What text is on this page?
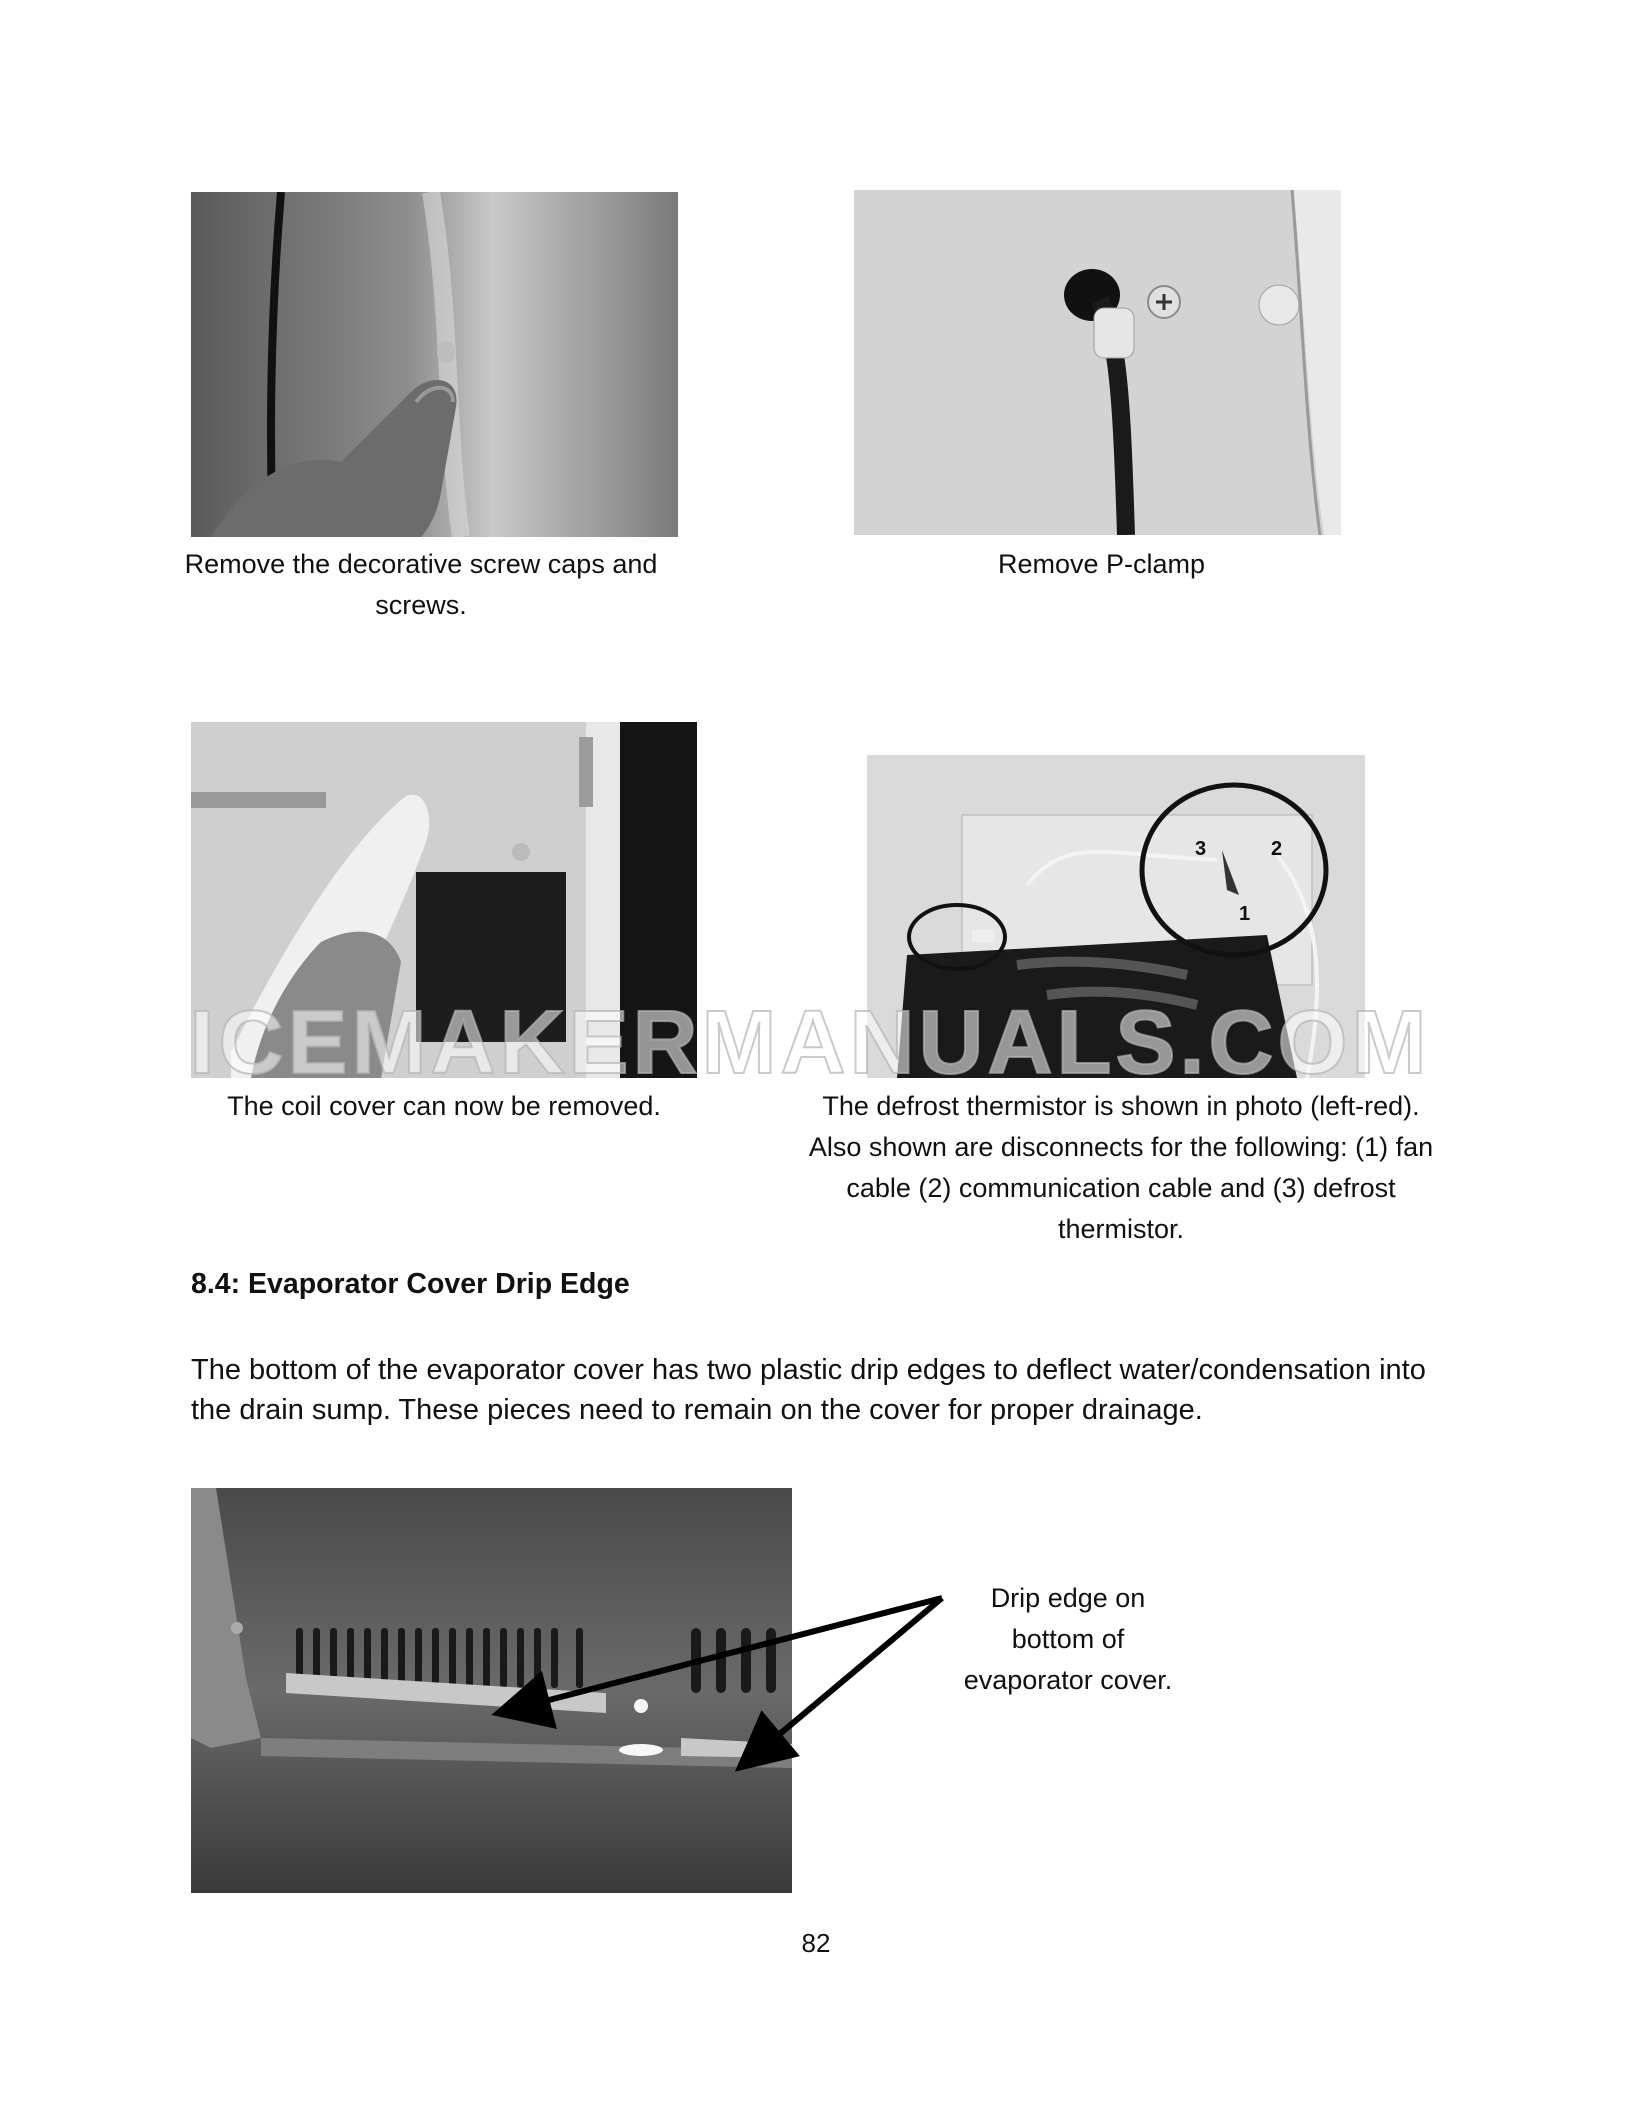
Remove the decorative screw caps and screws.
Remove P-clamp
The coil cover can now be removed.
3	2
1
The defrost thermistor is shown in photo (left-red). Also shown are disconnects for the following: (1) fan cable (2) communication cable and (3) defrost thermistor.
ICEMAKERMANUALS.COM
8.4: Evaporator Cover Drip Edge
The bottom of the evaporator cover has two plastic drip edges to deflect water/condensation into the drain sump. These pieces need to remain on the cover for proper drainage.
Drip edge on bottom of evaporator cover.
82
